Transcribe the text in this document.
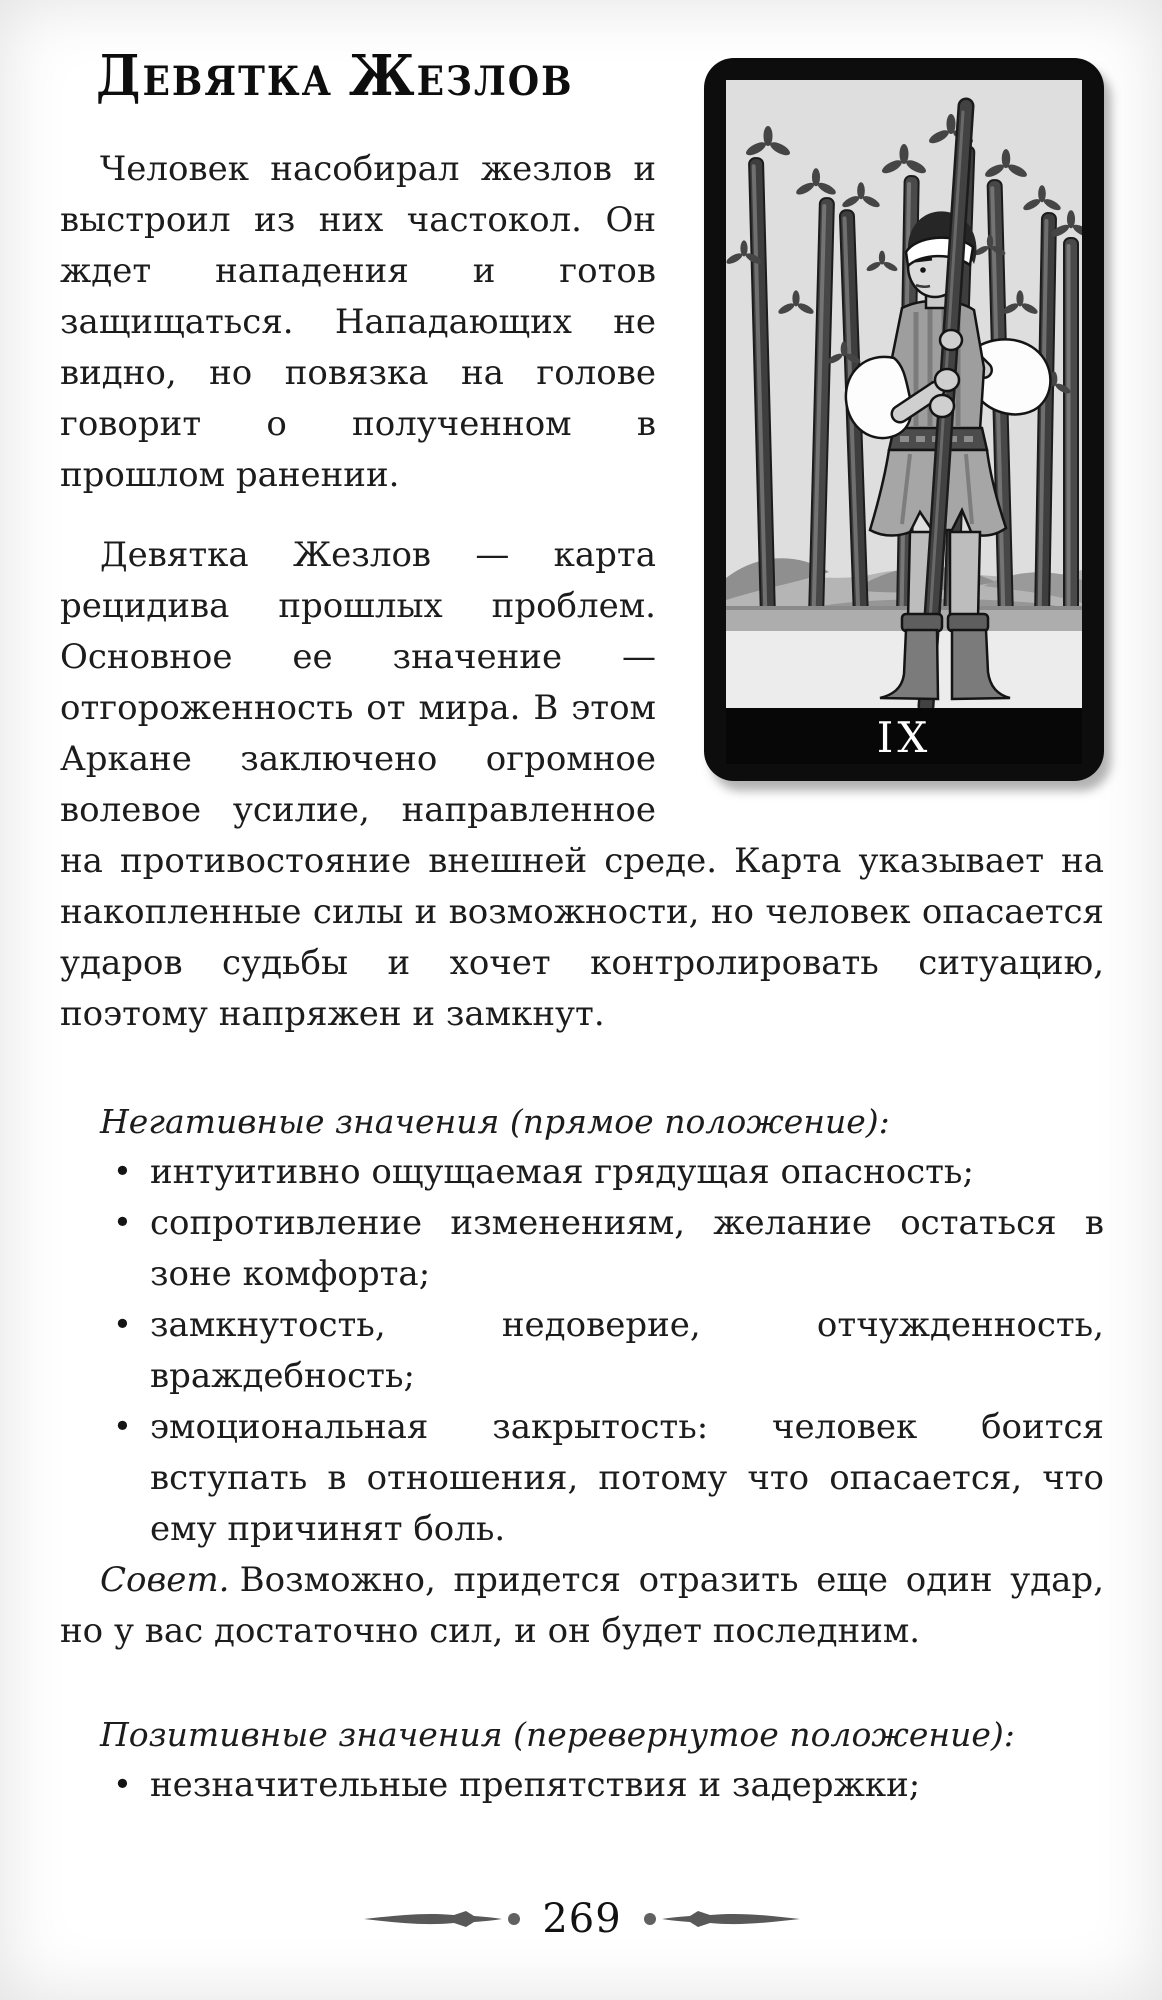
IX
ДЕВЯТКА ЖЕЗЛОВ

Человек насобирал жезлов и выстроил из них частокол. Он ждет нападения и готов защищаться. Нападающих не видно, но повязка на голове говорит о полученном в прошлом ранении.

Девятка Жезлов — карта рецидива прошлых проблем. Основное ее значение — отгороженность от мира. В этом Аркане заключено огромное волевое усилие, направленное на противостояние внешней среде. Карта указывает на накопленные силы и возможности, но человек опасается ударов судьбы и хочет контролировать ситуацию, поэтому напряжен и замкнут.

Негативные значения (прямое положение):

• интуитивно ощущаемая грядущая опасность;
• сопротивление изменениям, желание остаться в зоне комфорта;
• замкнутость, недоверие, отчужденность, враждебность;
• эмоциональная закрытость: человек боится вступать в отношения, потому что опасается, что ему причинят боль.

Совет. Возможно, придется отразить еще один удар, но у вас достаточно сил, и он будет последним.

Позитивные значения (перевернутое положение):

• незначительные препятствия и задержки;
269
